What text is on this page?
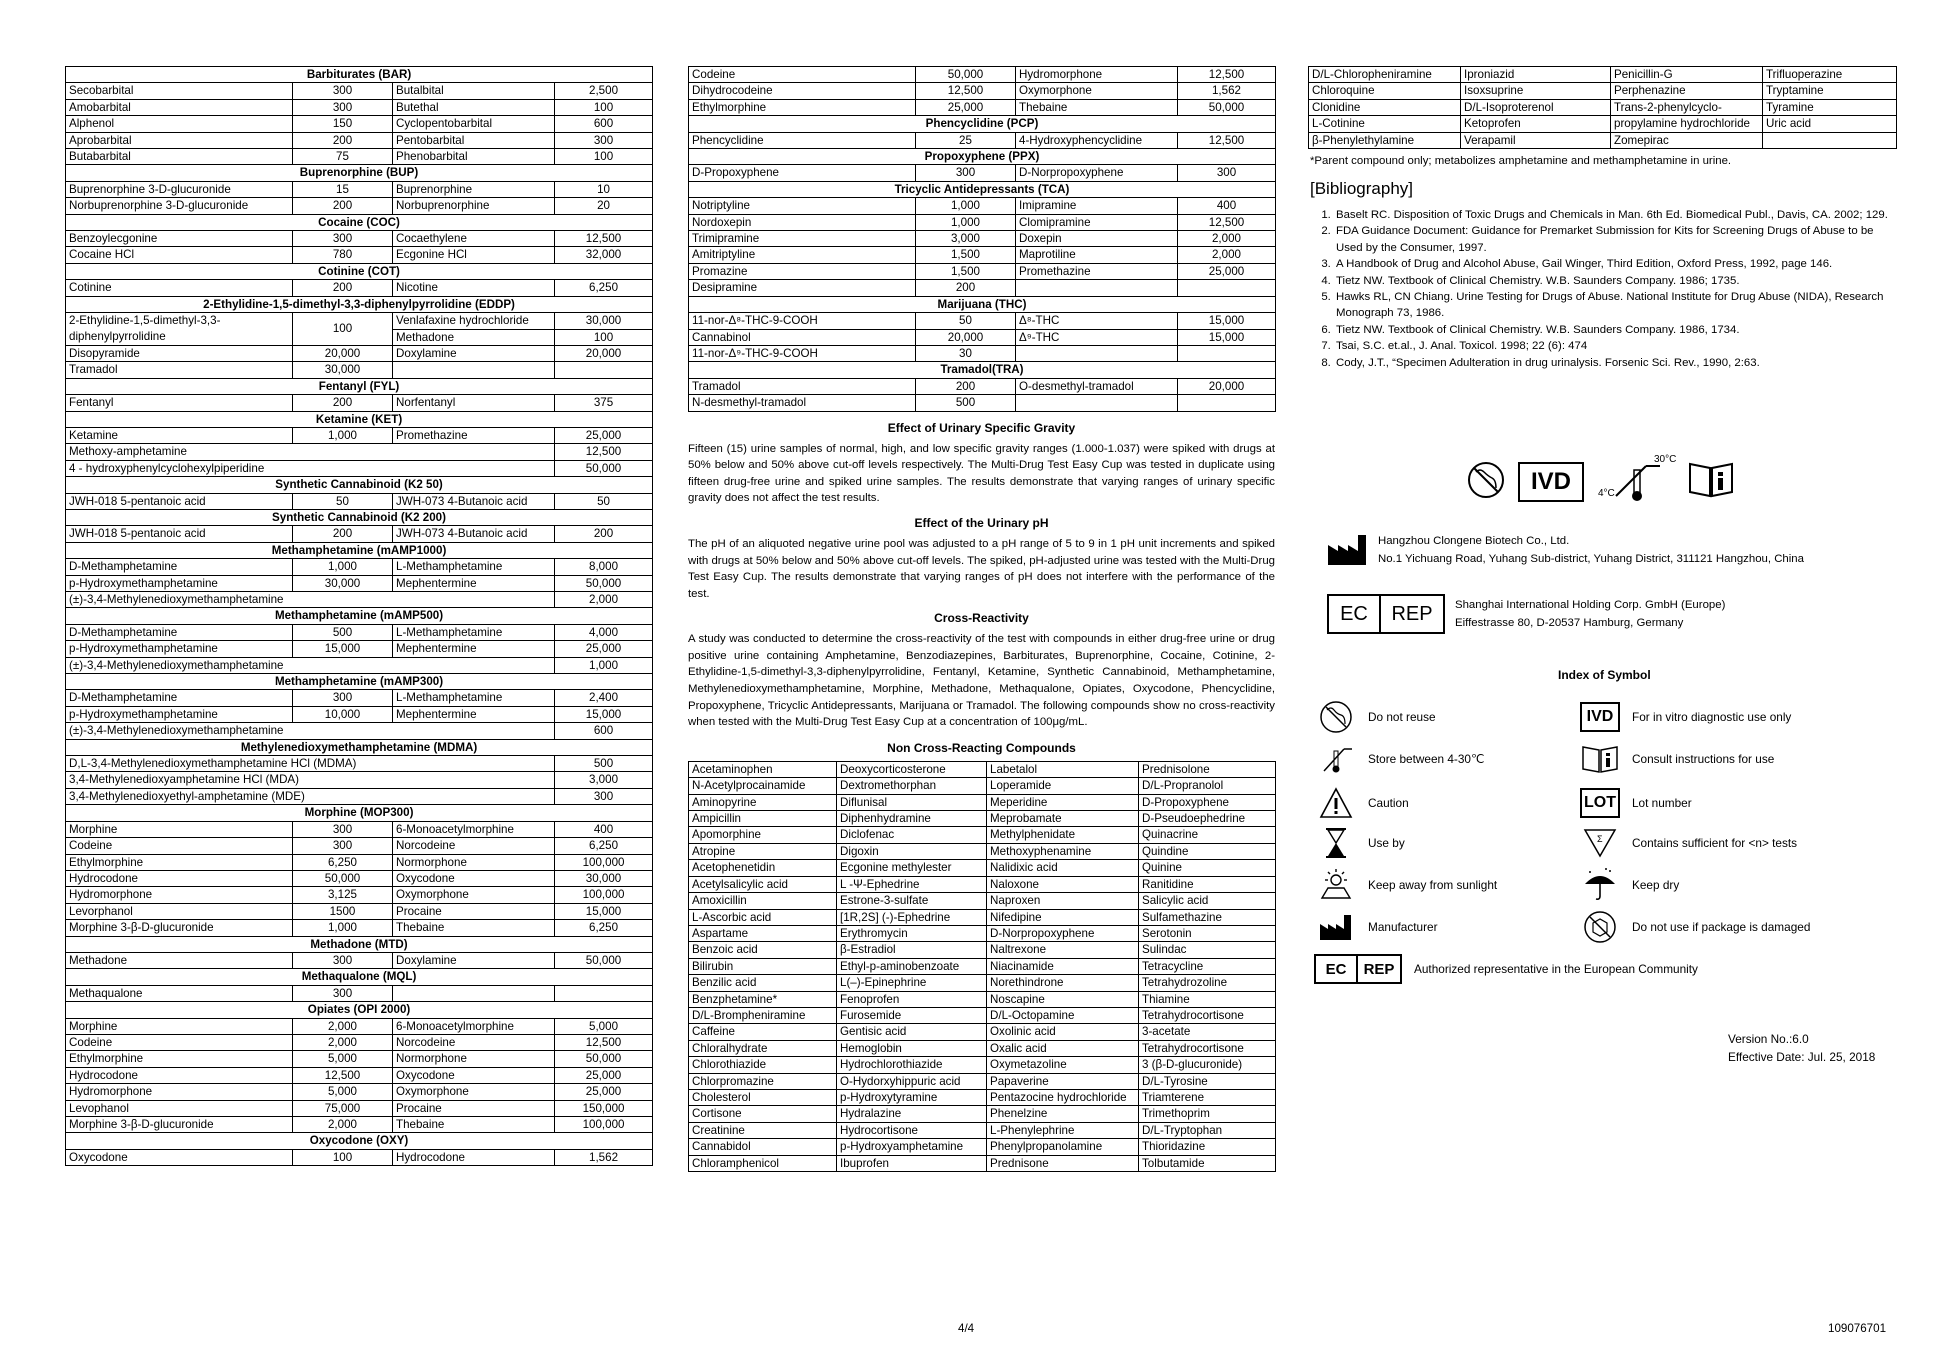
Barbiturates (BAR)			
Secobarbital	300	Butalbital	2,500
Amobarbital	300	Butethal	100
Alphenol	150	Cyclopentobarbital	600
Aprobarbital	200	Pentobarbital	300
Butabarbital	75	Phenobarbital	100
Buprenorphine (BUP)			
Buprenorphine 3-D-glucuronide	15	Buprenorphine	10
Norbuprenorphine 3-D-glucuronide	200	Norbuprenorphine	20
Cocaine (COC)			
Benzoylecgonine	300	Cocaethylene	12,500
Cocaine HCl	780	Ecgonine HCl	32,000
Cotinine (COT)			
Cotinine	200	Nicotine	6,250
2-Ethylidine-1,5-dimethyl-3,3-diphenylpyrrolidine (EDDP)			
2-Ethylidine-1,5-dimethyl-3,3-diphenylpyrrolidine	100	Venlafaxine hydrochloride	30,000
		Methadone	100
Disopyramide	20,000	Doxylamine	20,000
Tramadol	30,000		
Fentanyl (FYL)			
Fentanyl	200	Norfentanyl	375
Ketamine (KET)			
Ketamine	1,000	Promethazine	25,000
Methoxy-amphetamine			12,500
4 - hydroxyphenylcyclohexylpiperidine			50,000
Synthetic Cannabinoid (K2 50)			
JWH-018 5-pentanoic acid	50	JWH-073 4-Butanoic acid	50
Synthetic Cannabinoid (K2 200)			
JWH-018 5-pentanoic acid	200	JWH-073 4-Butanoic acid	200
Methamphetamine (mAMP1000)			
D-Methamphetamine	1,000	L-Methamphetamine	8,000
p-Hydroxymethamphetamine	30,000	Mephentermine	50,000
(±)-3,4-Methylenedioxymethamphetamine			2,000
Methamphetamine (mAMP500)			
D-Methamphetamine	500	L-Methamphetamine	4,000
p-Hydroxymethamphetamine	15,000	Mephentermine	25,000
(±)-3,4-Methylenedioxymethamphetamine			1,000
Methamphetamine (mAMP300)			
D-Methamphetamine	300	L-Methamphetamine	2,400
p-Hydroxymethamphetamine	10,000	Mephentermine	15,000
(±)-3,4-Methylenedioxymethamphetamine			600
Methylenedioxymethamphetamine (MDMA)			
D,L-3,4-Methylenedioxymethamphetamine HCl (MDMA)			500
3,4-Methylenedioxyamphetamine HCl (MDA)			3,000
3,4-Methylenedioxyethyl-amphetamine (MDE)			300
Morphine (MOP300)			
Morphine	300	6-Monoacetylmorphine	400
Codeine	300	Norcodeine	6,250
Ethylmorphine	6,250	Normorphone	100,000
Hydrocodone	50,000	Oxycodone	30,000
Hydromorphone	3,125	Oxymorphone	100,000
Levorphanol	1500	Procaine	15,000
Morphine 3-β-D-glucuronide	1,000	Thebaine	6,250
Methadone (MTD)			
Methadone	300	Doxylamine	50,000
Methaqualone (MQL)			
Methaqualone	300		
Opiates (OPI 2000)			
Morphine	2,000	6-Monoacetylmorphine	5,000
Codeine	2,000	Norcodeine	12,500
Ethylmorphine	5,000	Normorphone	50,000
Hydrocodone	12,500	Oxycodone	25,000
Hydromorphone	5,000	Oxymorphone	25,000
Levophanol	75,000	Procaine	150,000
Morphine 3-β-D-glucuronide	2,000	Thebaine	100,000
Oxycodone (OXY)			
Oxycodone	100	Hydrocodone	1,562
Codeine	50,000	Hydromorphone	12,500
Dihydrocodeine	12,500	Oxymorphone	1,562
Ethylmorphine	25,000	Thebaine	50,000
Phencyclidine (PCP)			
Phencyclidine	25	4-Hydroxyphencyclidine	12,500
Propoxyphene (PPX)			
D-Propoxyphene	300	D-Norpropoxyphene	300
Tricyclic Antidepressants (TCA)			
Notriptyline	1,000	Imipramine	400
Nordoxepin	1,000	Clomipramine	12,500
Trimipramine	3,000	Doxepin	2,000
Amitriptyline	1,500	Maprotiline	2,000
Promazine	1,500	Promethazine	25,000
Desipramine	200		
Marijuana (THC)			
11-nor-Δ⁸-THC-9-COOH	50	Δ⁸-THC	15,000
Cannabinol	20,000	Δ⁹-THC	15,000
11-nor-Δ⁹-THC-9-COOH	30		
Tramadol(TRA)			
Tramadol	200	O-desmethyl-tramadol	20,000
N-desmethyl-tramadol	500		
Effect of Urinary Specific Gravity

Fifteen (15) urine samples of normal, high, and low specific gravity ranges (1.000-1.037) were spiked with drugs at 50% below and 50% above cut-off levels respectively. The Multi-Drug Test Easy Cup was tested in duplicate using fifteen drug-free urine and spiked urine samples. The results demonstrate that varying ranges of urinary specific gravity does not affect the test results.

Effect of the Urinary pH

The pH of an aliquoted negative urine pool was adjusted to a pH range of 5 to 9 in 1 pH unit increments and spiked with drugs at 50% below and 50% above cut-off levels. The spiked, pH-adjusted urine was tested with the Multi-Drug Test Easy Cup. The results demonstrate that varying ranges of pH does not interfere with the performance of the test.

Cross-Reactivity

A study was conducted to determine the cross-reactivity of the test with compounds in either drug-free urine or drug positive urine containing Amphetamine, Benzodiazepines, Barbiturates, Buprenorphine, Cocaine, Cotinine, 2-Ethylidine-1,5-dimethyl-3,3-diphenylpyrrolidine, Fentanyl, Ketamine, Synthetic Cannabinoid, Methamphetamine, Methylenedioxymethamphetamine, Morphine, Methadone, Methaqualone, Opiates, Oxycodone, Phencyclidine, Propoxyphene, Tricyclic Antidepressants, Marijuana or Tramadol. The following compounds show no cross-reactivity when tested with the Multi-Drug Test Easy Cup at a concentration of 100μg/mL.

Non Cross-Reacting Compounds
Acetaminophen	Deoxycorticosterone	Labetalol	Prednisolone
N-Acetylprocainamide	Dextromethorphan	Loperamide	D/L-Propranolol
Aminopyrine	Diflunisal	Meperidine	D-Propoxyphene
Ampicillin	Diphenhydramine	Meprobamate	D-Pseudoephedrine
Apomorphine	Diclofenac	Methylphenidate	Quinacrine
Atropine	Digoxin	Methoxyphenamine	Quindine
Acetophenetidin	Ecgonine methylester	Nalidixic acid	Quinine
Acetylsalicylic acid	L -Ψ-Ephedrine	Naloxone	Ranitidine
Amoxicillin	Estrone-3-sulfate	Naproxen	Salicylic acid
L-Ascorbic acid	[1R,2S] (-)-Ephedrine	Nifedipine	Sulfamethazine
Aspartame	Erythromycin	D-Norpropoxyphene	Serotonin
Benzoic acid	β-Estradiol	Naltrexone	Sulindac
Bilirubin	Ethyl-p-aminobenzoate	Niacinamide	Tetracycline
Benzilic acid	L(–)-Epinephrine	Norethindrone	Tetrahydrozoline
Benzphetamine*	Fenoprofen	Noscapine	Thiamine
D/L-Brompheniramine	Furosemide	D/L-Octopamine	Tetrahydrocortisone
Caffeine	Gentisic acid	Oxolinic acid	3-acetate
Chloralhydrate	Hemoglobin	Oxalic acid	Tetrahydrocortisone
Chlorothiazide	Hydrochlorothiazide	Oxymetazoline	3 (β-D-glucuronide)
Chlorpromazine	O-Hydorxyhippuric acid	Papaverine	D/L-Tyrosine
Cholesterol	p-Hydroxytyramine	Pentazocine hydrochloride	Triamterene
Cortisone	Hydralazine	Phenelzine	Trimethoprim
Creatinine	Hydrocortisone	L-Phenylephrine	D/L-Tryptophan
Cannabidol	p-Hydroxyamphetamine	Phenylpropanolamine	Thioridazine
Chloramphenicol	Ibuprofen	Prednisone	Tolbutamide
D/L-Chloropheniramine	Iproniazid	Penicillin-G	Trifluoperazine
Chloroquine	Isoxsuprine	Perphenazine	Tryptamine
Clonidine	D/L-Isoproterenol	Trans-2-phenylcyclo-	Tyramine
L-Cotinine	Ketoprofen	propylamine hydrochloride	Uric acid
β-Phenylethylamine	Verapamil	Zomepirac	
*Parent compound only; metabolizes amphetamine and methamphetamine in urine.
[Bibliography]
1. Baselt RC. Disposition of Toxic Drugs and Chemicals in Man. 6th Ed. Biomedical Publ., Davis, CA. 2002; 129.
2. FDA Guidance Document: Guidance for Premarket Submission for Kits for Screening Drugs of Abuse to be Used by the Consumer, 1997.
3. A Handbook of Drug and Alcohol Abuse, Gail Winger, Third Edition, Oxford Press, 1992, page 146.
4. Tietz NW. Textbook of Clinical Chemistry. W.B. Saunders Company. 1986; 1735.
5. Hawks RL, CN Chiang. Urine Testing for Drugs of Abuse. National Institute for Drug Abuse (NIDA), Research Monograph 73, 1986.
6. Tietz NW. Textbook of Clinical Chemistry. W.B. Saunders Company. 1986, 1734.
7. Tsai, S.C. et.al., J. Anal. Toxicol. 1998; 22 (6): 474
8. Cody, J.T., “Specimen Adulteration in drug urinalysis. Forsenic Sci. Rev., 1990, 2:63.
IVD
30°C
4°C
Hangzhou Clongene Biotech Co., Ltd.
No.1 Yichuang Road, Yuhang Sub-district, Yuhang District, 311121 Hangzhou, China
EC	REP	Shanghai International Holding Corp. GmbH (Europe)
Eiffestrasse 80, D-20537 Hamburg, Germany
Index of Symbol
Do not reuse	IVD	For in vitro diagnostic use only
Store between 4-30℃	Consult instructions for use
Caution	LOT	Lot number
Use by	Σ Contains sufficient for <n> tests
Keep away from sunlight	Keep dry
Manufacturer	Do not use if package is damaged
EC	REP	Authorized representative in the European Community
Version No.:6.0
Effective Date: Jul. 25, 2018
4/4	109076701
